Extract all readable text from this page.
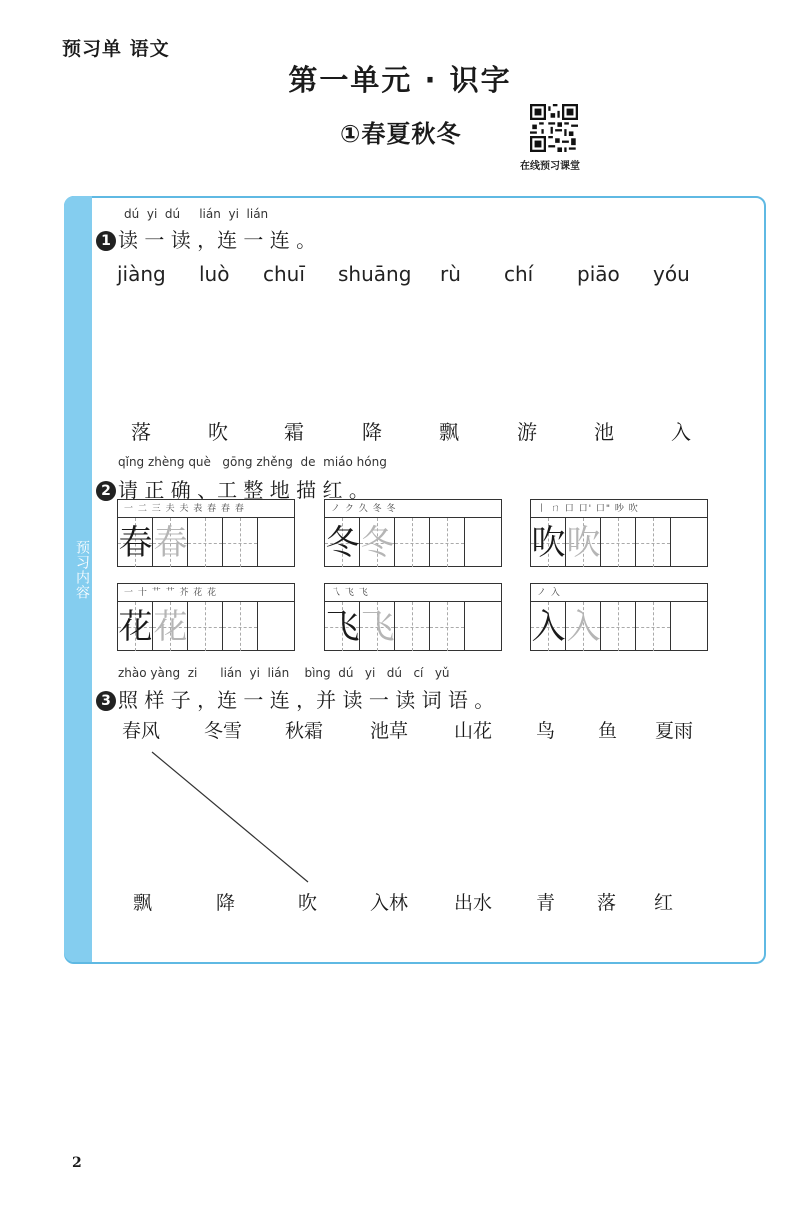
预习单 语文
第一单元 · 识字
①春夏秋冬
在线预习课堂
预习内容
dú  yi  dú     lián  yi  lián
1 读 一 读 ，连 一 连 。
jiàng luò chuī shuāng rù chí piāo yóu
落	吹	霜	降	飘	游	池	入
qǐng zhèng què   gōng zhěng  de  miáo hóng
2 请 正 确 、工 整 地 描 红 。
一 二 三 夫 夫 表 春 春 春
春 春
ノ ク 久 冬 冬
冬 冬
丨 ㄇ 口 口' 口" 吵 吹
吹 吹
一 十 艹 艹 芥 花 花
花 花
乁 飞 飞
飞 飞
ノ 入
入 入
zhào yàng  zi      lián  yi  lián    bìng  dú   yi   dú   cí   yǔ
3 照 样 子 ，连 一 连 ，并 读 一 读 词 语 。
春风 冬雪 秋霜 池草 山花 鸟 鱼 夏雨
飘	降	吹	入林 出水 青 落 红
2
